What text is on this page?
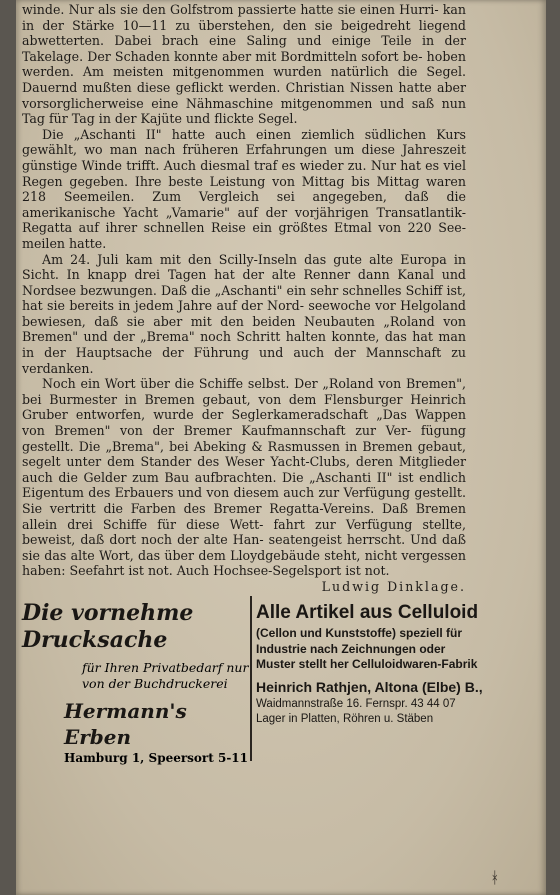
winde. Nur als sie den Golfstrom passierte hatte sie einen Hurri- kan in der Stärke 10—11 zu überstehen, den sie beigedreht liegend abwetterten. Dabei brach eine Saling und einige Teile in der Takelage. Der Schaden konnte aber mit Bordmitteln sofort be- hoben werden. Am meisten mitgenommen wurden natürlich die Segel. Dauernd mußten diese geflickt werden. Christian Nissen hatte aber vorsorglicherweise eine Nähmaschine mitgenommen und saß nun Tag für Tag in der Kajüte und flickte Segel.

Die „Aschanti II" hatte auch einen ziemlich südlichen Kurs gewählt, wo man nach früheren Erfahrungen um diese Jahreszeit günstige Winde trifft. Auch diesmal traf es wieder zu. Nur hat es viel Regen gegeben. Ihre beste Leistung von Mittag bis Mittag waren 218 Seemeilen. Zum Vergleich sei angegeben, daß die amerikanische Yacht „Vamarie" auf der vorjährigen Transatlantik- Regatta auf ihrer schnellen Reise ein größtes Etmal von 220 See- meilen hatte.

Am 24. Juli kam mit den Scilly-Inseln das gute alte Europa in Sicht. In knapp drei Tagen hat der alte Renner dann Kanal und Nordsee bezwungen. Daß die „Aschanti" ein sehr schnelles Schiff ist, hat sie bereits in jedem Jahre auf der Nord- seewoche vor Helgoland bewiesen, daß sie aber mit den beiden Neubauten „Roland von Bremen" und der „Brema" noch Schritt halten konnte, das hat man in der Hauptsache der Führung und auch der Mannschaft zu verdanken.

Noch ein Wort über die Schiffe selbst. Der „Roland von Bremen", bei Burmester in Bremen gebaut, von dem Flensburger Heinrich Gruber entworfen, wurde der Seglerkameradschaft „Das Wappen von Bremen" von der Bremer Kaufmannschaft zur Ver- fügung gestellt. Die „Brema", bei Abeking & Rasmussen in Bremen gebaut, segelt unter dem Stander des Weser Yacht-Clubs, deren Mitglieder auch die Gelder zum Bau aufbrachten. Die „Aschanti II" ist endlich Eigentum des Erbauers und von diesem auch zur Verfügung gestellt. Sie vertritt die Farben des Bremer Regatta-Vereins. Daß Bremen allein drei Schiffe für diese Wett- fahrt zur Verfügung stellte, beweist, daß dort noch der alte Han- seatengeist herrscht. Und daß sie das alte Wort, das über dem Lloydgebäude steht, nicht vergessen haben: Seefahrt ist not. Auch Hochsee-Segelsport ist not.

Ludwig Dinklage.
Die vornehme
Drucksache
für Ihren Privatbedarf nur
von der Buchdruckerei
Hermann's Erben
Hamburg 1, Speersort 5-11
Alle Artikel aus Celluloid
(Cellon und Kunststoffe) speziell für Industrie nach Zeichnungen oder Muster stellt her Celluloidwaren-Fabrik
Heinrich Rathjen, Altona (Elbe) B.,
Waidmannstraße 16. Fernspr. 43 44 07
Lager in Platten, Röhren u. Stäben
ᚼ
